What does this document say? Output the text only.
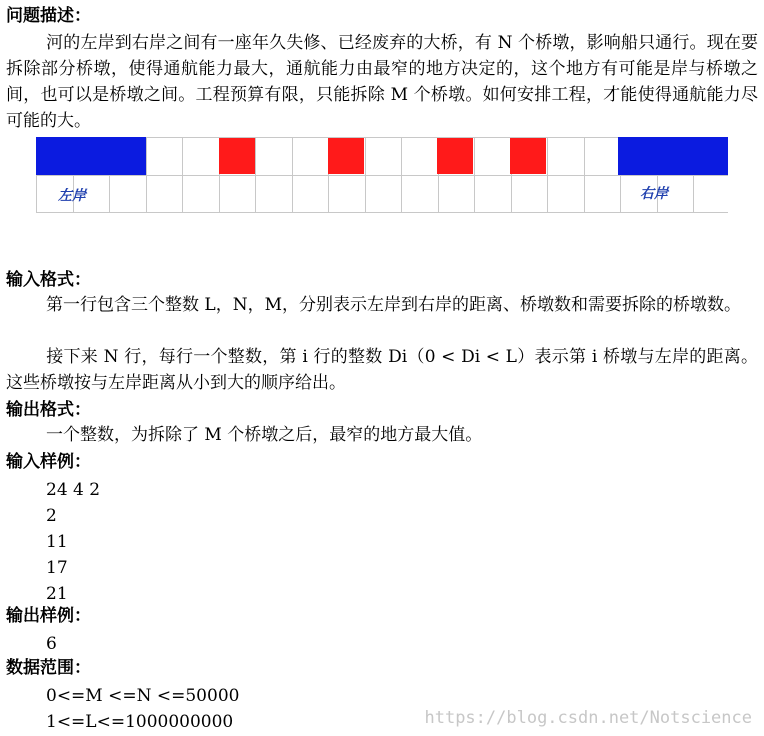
问题描述：

河的左岸到右岸之间有一座年久失修、已经废弃的大桥，有 N 个桥墩，影响船只通行。现在要拆除部分桥墩，使得通航能力最大，通航能力由最窄的地方决定的，这个地方有可能是岸与桥墩之间，也可以是桥墩之间。工程预算有限，只能拆除 M 个桥墩。如何安排工程，才能使得通航能力尽可能的大。

左岸	右岸
输入格式：

第一行包含三个整数 L，N，M，分别表示左岸到右岸的距离、桥墩数和需要拆除的桥墩数。

接下来 N 行，每行一个整数，第 i 行的整数 Di（0 < Di < L）表示第 i 桥墩与左岸的距离。这些桥墩按与左岸距离从小到大的顺序给出。

输出格式：

一个整数，为拆除了 M 个桥墩之后，最窄的地方最大值。

输入样例：

24 4 2

2

11

17

21

输出样例：

6

数据范围：

0<=M <=N <=50000

1<=L<=1000000000	https://blog.csdn.net/Notscience
